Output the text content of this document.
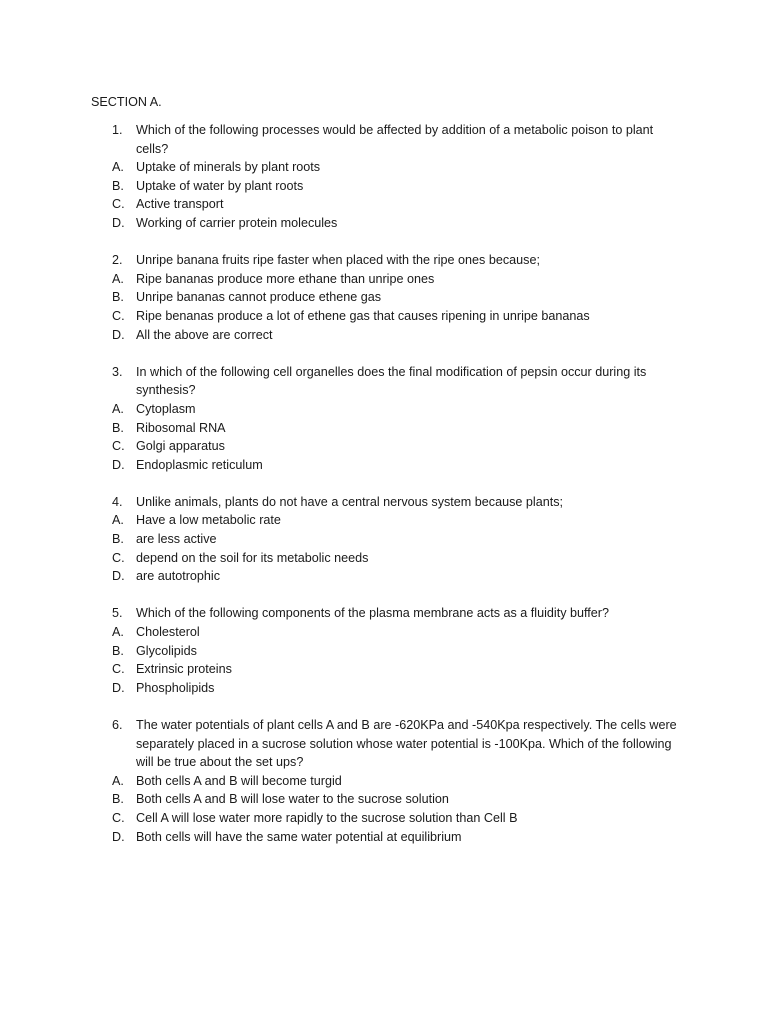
SECTION A.
1.	Which of the following processes would be affected by addition of a metabolic poison to plant cells?
A. Uptake of minerals by plant roots
B. Uptake of water by plant roots
C. Active transport
D. Working of carrier protein molecules
2.	Unripe banana fruits ripe faster when placed with the ripe ones because;
A. Ripe bananas produce more ethane than unripe ones
B. Unripe bananas cannot produce ethene gas
C. Ripe benanas produce a lot of ethene gas that causes ripening in unripe bananas
D. All the above are correct
3.	In which of the following cell organelles does the final modification of pepsin occur during its synthesis?
A. Cytoplasm
B. Ribosomal RNA
C. Golgi apparatus
D. Endoplasmic reticulum
4.	Unlike animals, plants do not have a central nervous system because plants;
A. Have a low metabolic rate
B. are less active
C. depend on the soil for its metabolic needs
D. are autotrophic
5.	Which of the following components of the plasma membrane acts as a fluidity buffer?
A. Cholesterol
B. Glycolipids
C. Extrinsic proteins
D. Phospholipids
6.	The water potentials of plant cells A and B are -620KPa and -540Kpa respectively. The cells were separately placed in a sucrose solution whose water potential is -100Kpa. Which of the following will be true about the set ups?
A. Both cells A and B will become turgid
B. Both cells A and B will lose water to the sucrose solution
C. Cell A will lose water more rapidly to the sucrose solution than Cell B
D. Both cells will have the same water potential at equilibrium
